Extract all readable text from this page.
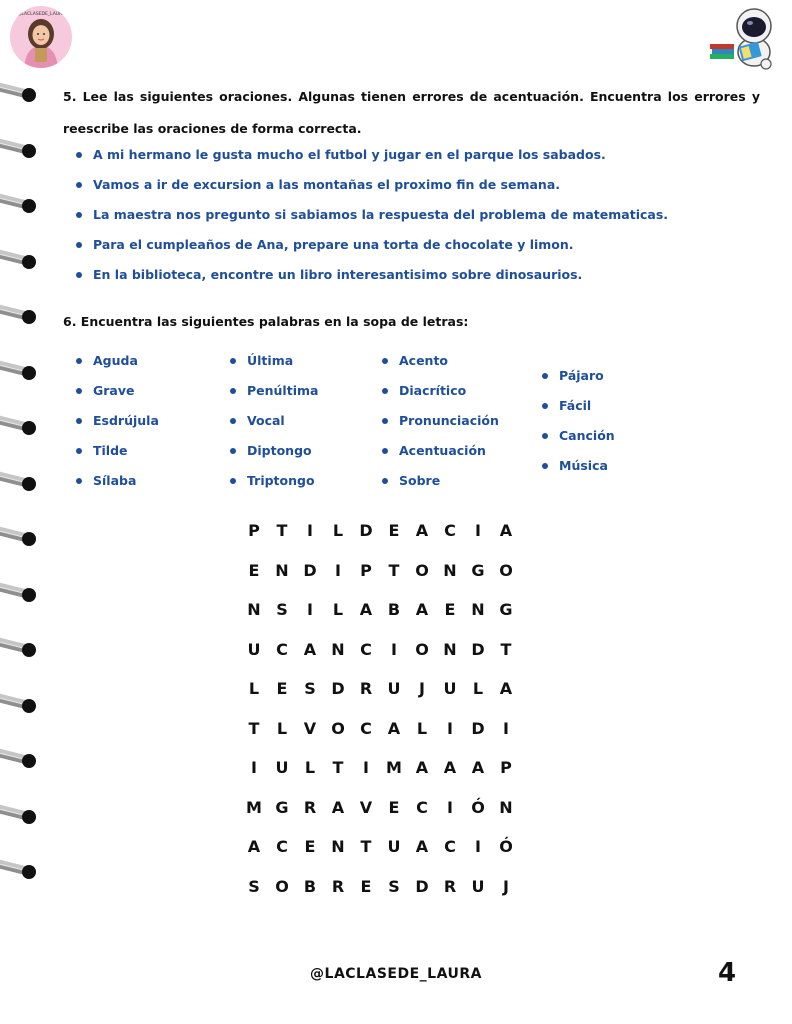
@LACLASEDE_LAURA
5. Lee las siguientes oraciones. Algunas tienen errores de acentuación. Encuentra los errores y reescribe las oraciones de forma correcta.
A mi hermano le gusta mucho el futbol y jugar en el parque los sabados.
Vamos a ir de excursion a las montañas el proximo fin de semana.
La maestra nos pregunto si sabiamos la respuesta del problema de matematicas.
Para el cumpleaños de Ana, prepare una torta de chocolate y limon.
En la biblioteca, encontre un libro interesantisimo sobre dinosaurios.
6. Encuentra las siguientes palabras en la sopa de letras:
Aguda
Grave
Esdrújula
Tilde
Sílaba
Última
Penúltima
Vocal
Diptongo
Triptongo
Acento
Diacrítico
Pronunciación
Acentuación
Sobre
Pájaro
Fácil
Canción
Música
P	T	I	L	D E	A C	I	A
E N D	I	P	T O N G O
N S	I	L	A B A	E N G
U C A N C	I	O N D T
L	E	S D R U	J	U	L	A
T	L	V O C A	L	I	D	I
I	U	L	T	I	M A A A P
M G R A V	E	C	I	Ó N
A C	E N T	U A C	I	Ó
S O B R	E	S D R U	J
@LACLASEDE_LAURA	4
